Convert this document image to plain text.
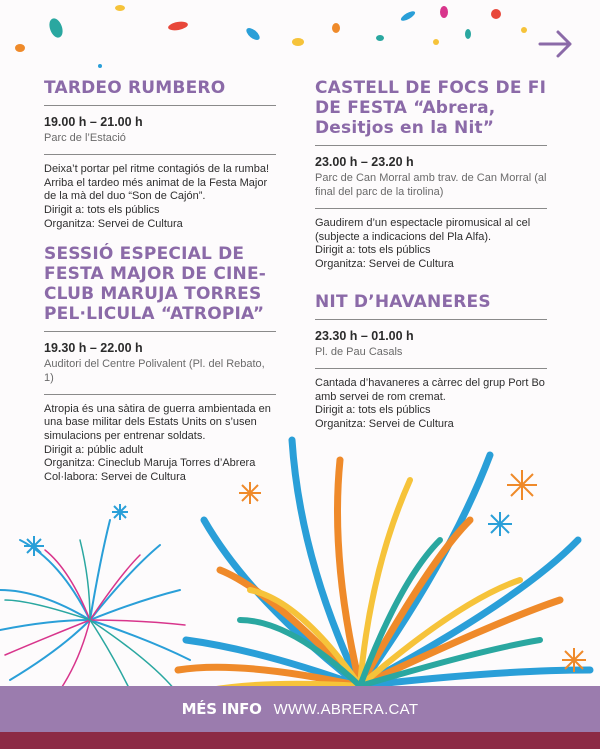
TARDEO RUMBERO
19.00 h – 21.00 h
Parc de l’Estació
Deixa’t portar pel ritme contagiós de la rumba! Arriba el tardeo més animat de la Festa Major de la mà del duo “Son de Cajón”.
Dirigit a: tots els públics
Organitza: Servei de Cultura
SESSIÓ ESPECIAL DE FESTA MAJOR DE CINE-CLUB MARUJA TORRES PEL·LICULA “ATROPIA”
19.30 h – 22.00 h
Auditori del Centre Polivalent (Pl. del Rebato, 1)
Atropia és una sàtira de guerra ambientada en una base militar dels Estats Units on s’usen simulacions per entrenar soldats.
Dirigit a: públic adult
Organitza: Cineclub Maruja Torres d’Abrera
Col·labora: Servei de Cultura
CASTELL DE FOCS DE FI DE FESTA “Abrera, Desitjos en la Nit”
23.00 h – 23.20 h
Parc de Can Morral amb trav. de Can Morral (al final del parc de la tirolina)
Gaudirem d’un espectacle piromusical al cel (subjecte a indicacions del Pla Alfa).
Dirigit a: tots els públics
Organitza: Servei de Cultura
NIT D’HAVANERES
23.30 h – 01.00 h
Pl. de Pau Casals
Cantada d’havaneres a càrrec del grup Port Bo amb servei de rom cremat.
Dirigit a: tots els públics
Organitza: Servei de Cultura
MÉS INFO WWW.ABRERA.CAT
